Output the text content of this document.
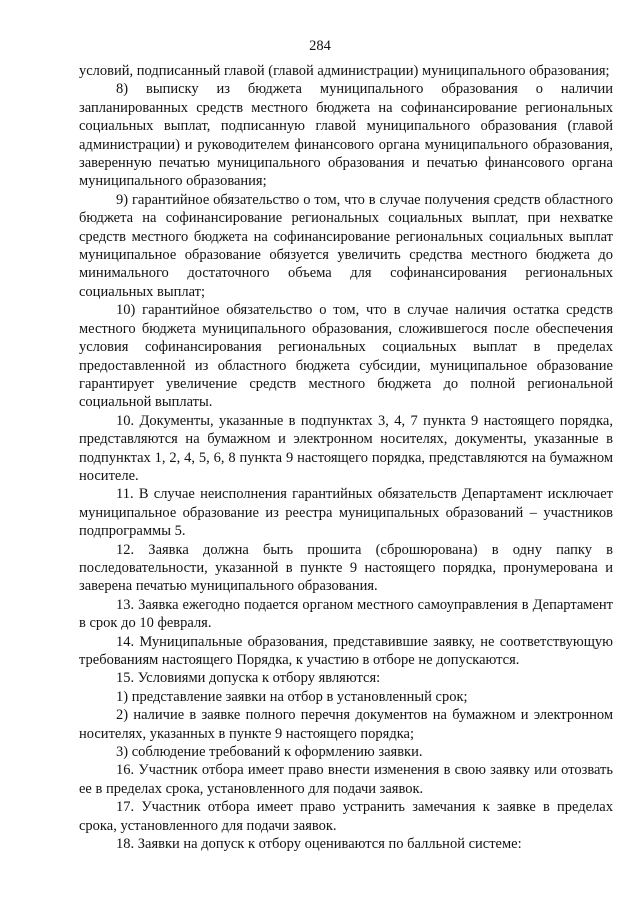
284

условий, подписанный главой (главой администрации) муниципального образования;

8) выписку из бюджета муниципального образования о наличии запланированных средств местного бюджета на софинансирование региональных социальных выплат, подписанную главой муниципального образования (главой администрации) и руководителем финансового органа муниципального образования, заверенную печатью муниципального образования и печатью финансового органа муниципального образования;

9) гарантийное обязательство о том, что в случае получения средств областного бюджета на софинансирование региональных социальных выплат, при нехватке средств местного бюджета на софинансирование региональных социальных выплат муниципальное образование обязуется увеличить средства местного бюджета до минимального достаточного объема для софинансирования региональных социальных выплат;

10) гарантийное обязательство о том, что в случае наличия остатка средств местного бюджета муниципального образования, сложившегося после обеспечения условия софинансирования региональных социальных выплат в пределах предоставленной из областного бюджета субсидии, муниципальное образование гарантирует увеличение средств местного бюджета до полной региональной социальной выплаты.

10. Документы, указанные в подпунктах 3, 4, 7 пункта 9 настоящего порядка, представляются на бумажном и электронном носителях, документы, указанные в подпунктах 1, 2, 4, 5, 6, 8 пункта 9 настоящего порядка, представляются на бумажном носителе.

11. В случае неисполнения гарантийных обязательств Департамент исключает муниципальное образование из реестра муниципальных образований – участников подпрограммы 5.

12. Заявка должна быть прошита (сброшюрована) в одну папку в последовательности, указанной в пункте 9 настоящего порядка, пронумерована и заверена печатью муниципального образования.

13. Заявка ежегодно подается органом местного самоуправления в Департамент в срок до 10 февраля.

14. Муниципальные образования, представившие заявку, не соответствующую требованиям настоящего Порядка, к участию в отборе не допускаются.

15. Условиями допуска к отбору являются:

1) представление заявки на отбор в установленный срок;

2) наличие в заявке полного перечня документов на бумажном и электронном носителях, указанных в пункте 9 настоящего порядка;

3) соблюдение требований к оформлению заявки.

16. Участник отбора имеет право внести изменения в свою заявку или отозвать ее в пределах срока, установленного для подачи заявок.

17. Участник отбора имеет право устранить замечания к заявке в пределах срока, установленного для подачи заявок.

18. Заявки на допуск к отбору оцениваются по балльной системе:
